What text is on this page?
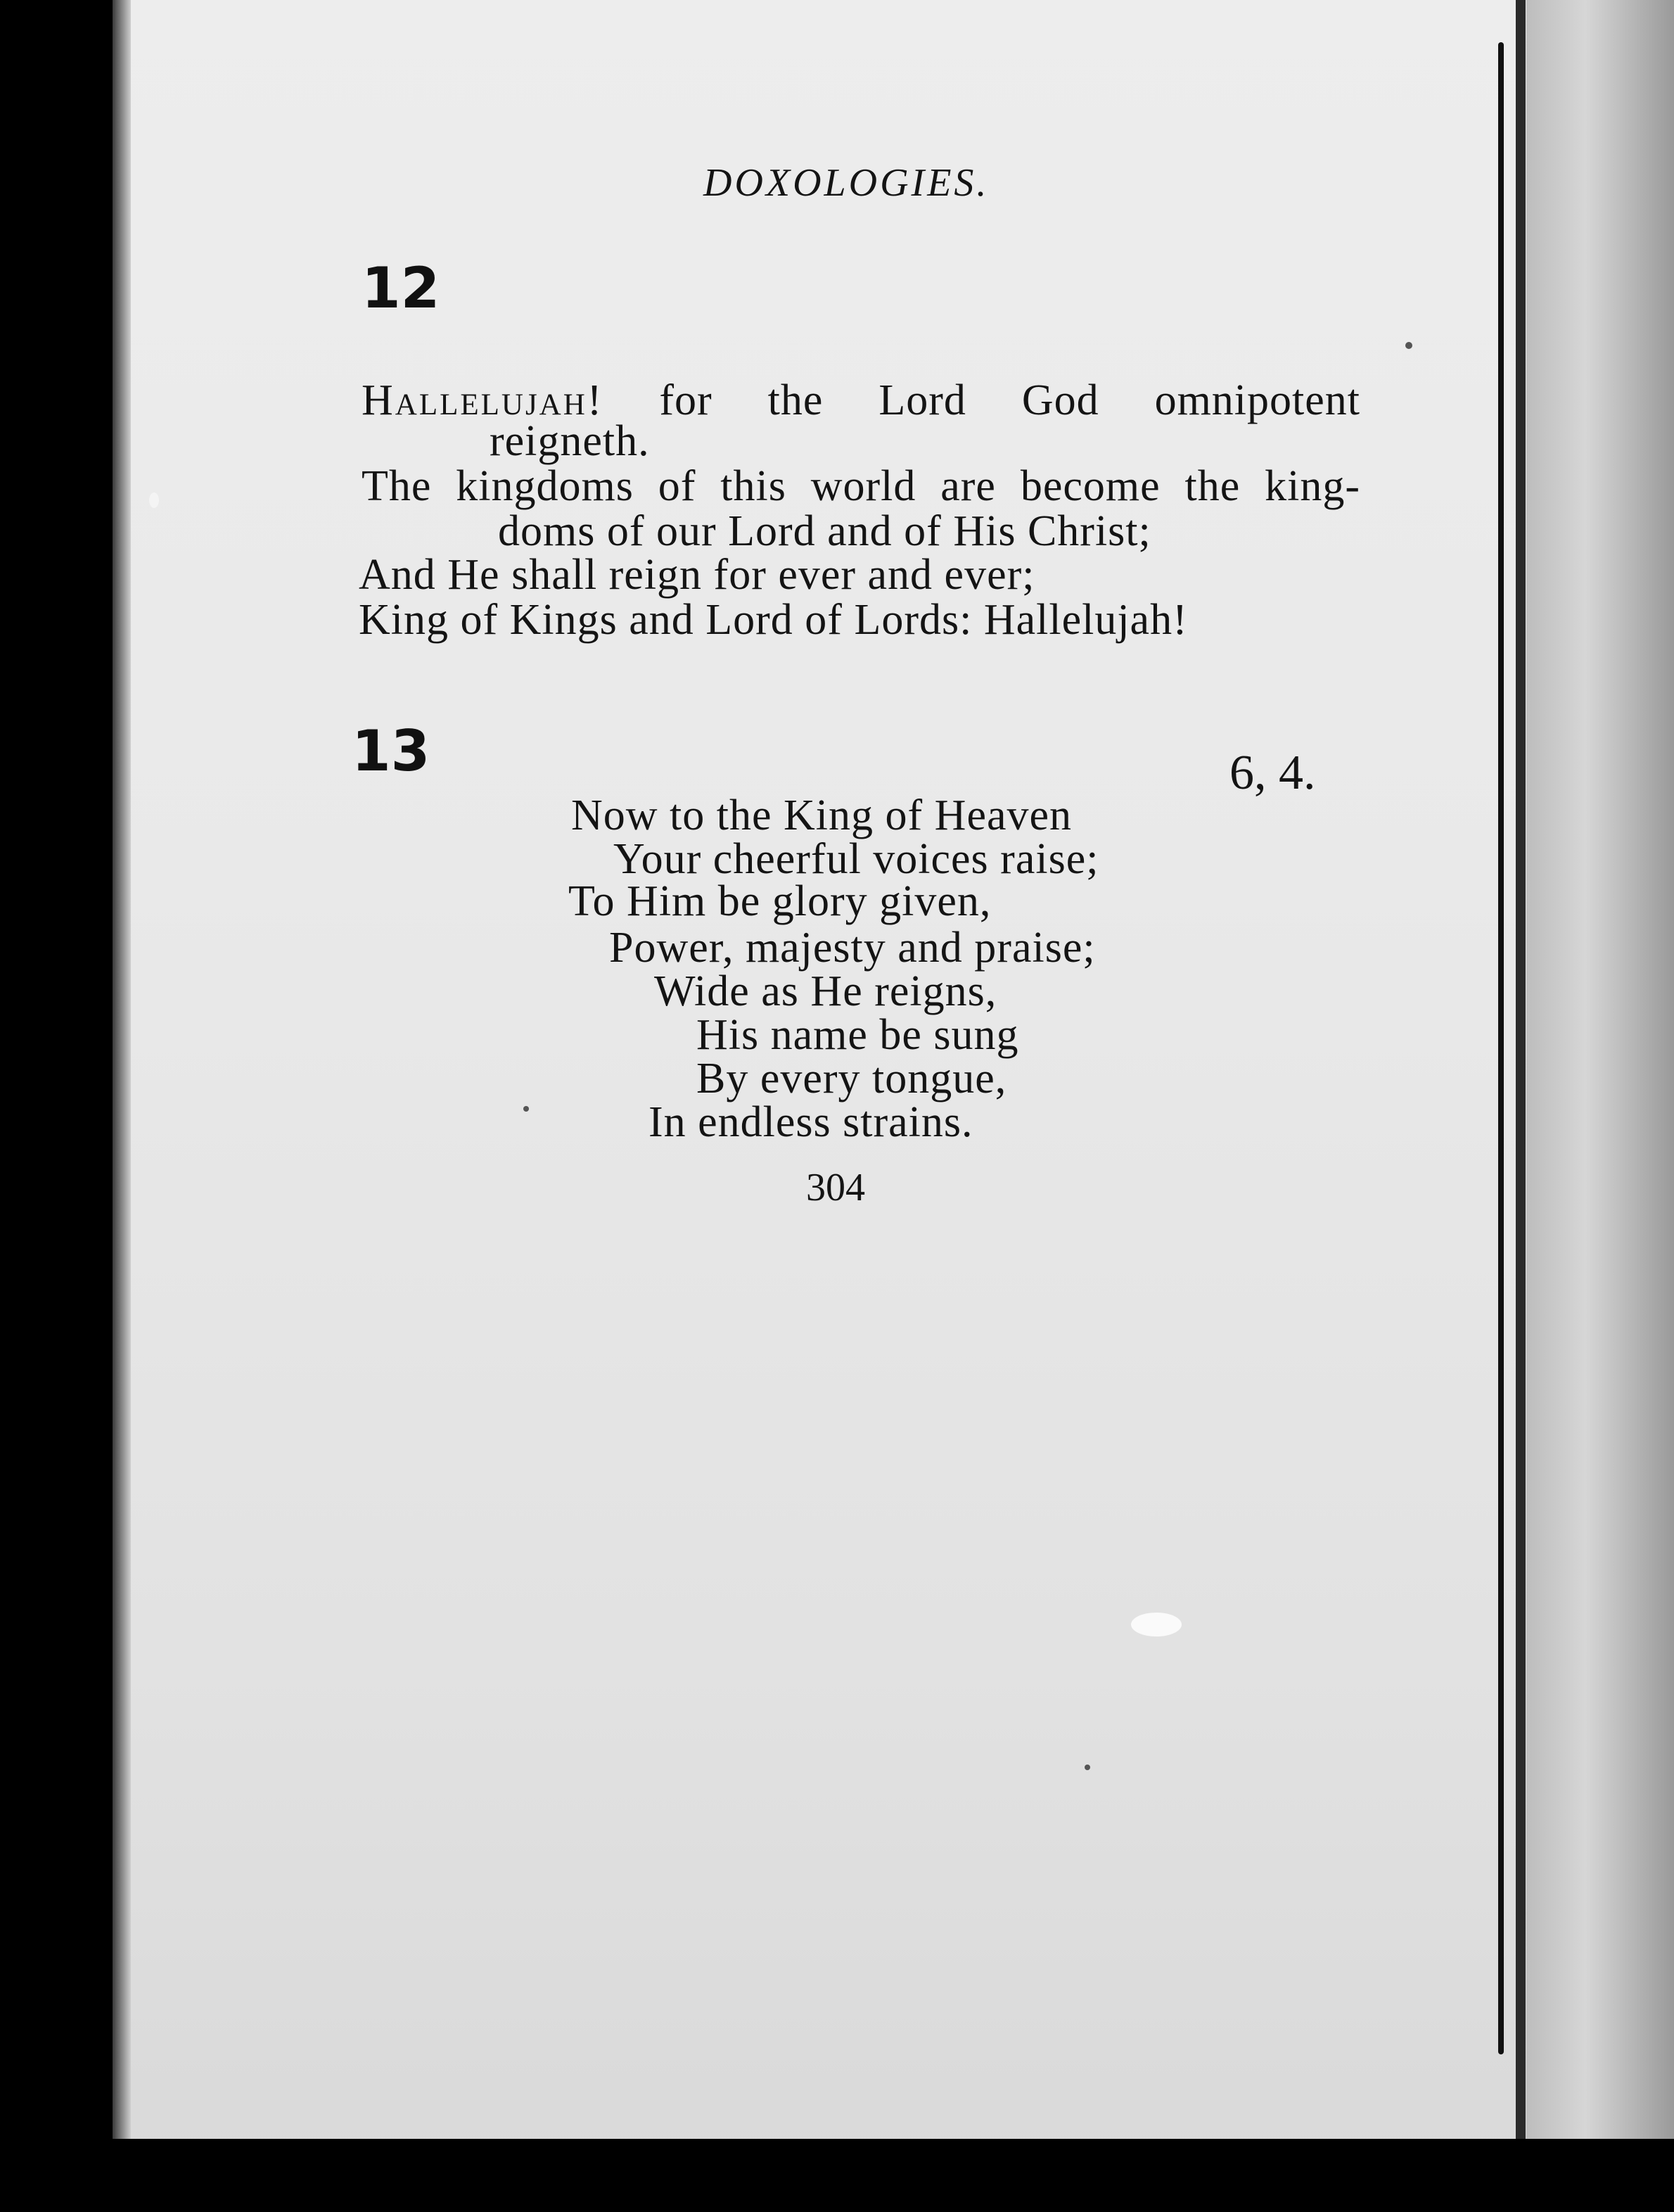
DOXOLOGIES.
12
Hallelujah! for the Lord God omnipotent
reigneth.
The kingdoms of this world are become the king-
doms of our Lord and of His Christ;
And He shall reign for ever and ever;
King of Kings and Lord of Lords: Hallelujah!
13	6, 4.
Now to the King of Heaven
Your cheerful voices raise;
To Him be glory given,
Power, majesty and praise;
Wide as He reigns,
His name be sung
By every tongue,
In endless strains.
304
